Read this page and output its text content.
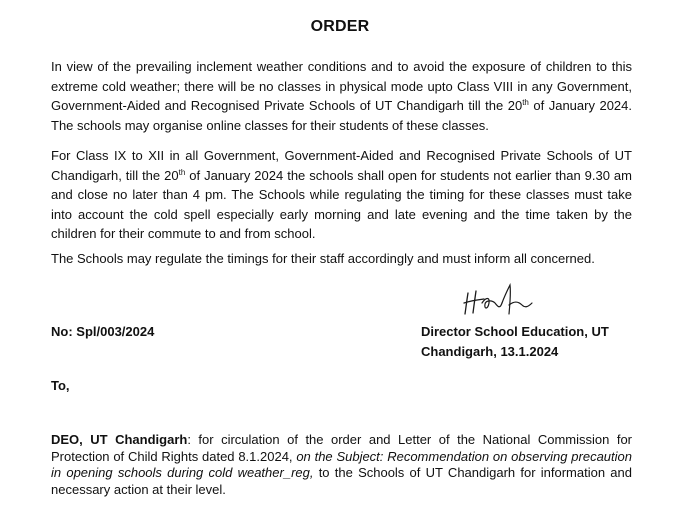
ORDER

In view of the prevailing inclement weather conditions and to avoid the exposure of children to this extreme cold weather; there will be no classes in physical mode upto Class VIII in any Government, Government-Aided and Recognised Private Schools of UT Chandigarh till the 20th of January 2024. The schools may organise online classes for their students of these classes.

For Class IX to XII in all Government, Government-Aided and Recognised Private Schools of UT Chandigarh, till the 20th of January 2024 the schools shall open for students not earlier than 9.30 am and close no later than 4 pm. The Schools while regulating the timing for these classes must take into account the cold spell especially early morning and late evening and the time taken by the children for their commute to and from school.

The Schools may regulate the timings for their staff accordingly and must inform all concerned.

No: Spl/003/2024	Director School Education, UT
Chandigarh, 13.1.2024
To,

DEO, UT Chandigarh: for circulation of the order and Letter of the National Commission for Protection of Child Rights dated 8.1.2024, on the Subject: Recommendation on observing precaution in opening schools during cold weather_reg, to the Schools of UT Chandigarh for information and necessary action at their level.
